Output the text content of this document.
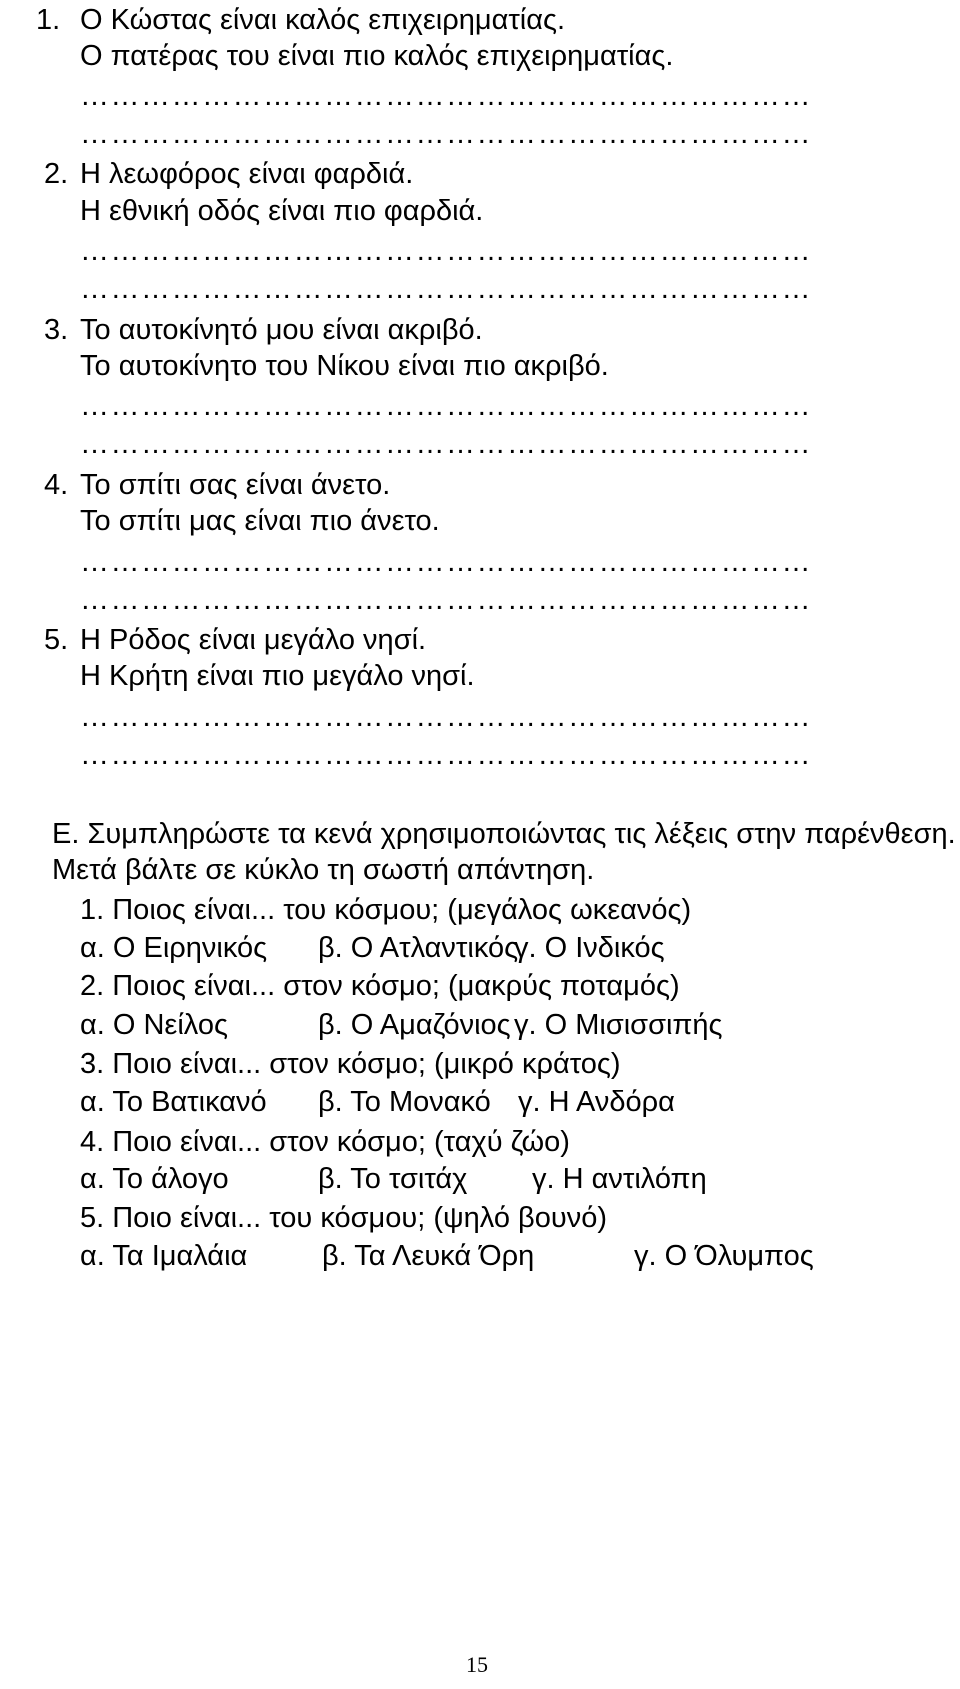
1. Ο Κώστας είναι καλός επιχειρηματίας.
Ο πατέρας του είναι πιο καλός επιχειρηματίας.
………………………………………………………………
………………………………………………………………
2. Η λεωφόρος είναι φαρδιά.
Η εθνική οδός είναι πιο φαρδιά.
………………………………………………………………
………………………………………………………………
3. Το αυτοκίνητό μου είναι ακριβό.
Το αυτοκίνητο του Νίκου είναι πιο ακριβό.
………………………………………………………………
………………………………………………………………
4. Το σπίτι σας είναι άνετο.
Το σπίτι μας είναι πιο άνετο.
………………………………………………………………
………………………………………………………………
5. Η Ρόδος είναι μεγάλο νησί.
Η Κρήτη είναι πιο μεγάλο νησί.
………………………………………………………………
………………………………………………………………
Ε. Συμπληρώστε τα κενά χρησιμοποιώντας τις λέξεις στην παρένθεση.
Μετά βάλτε σε κύκλο τη σωστή απάντηση.
1. Ποιος είναι... του κόσμου; (μεγάλος ωκεανός)
α. Ο Ειρηνικός β. Ο Ατλαντικός
γ. Ο Ινδικός
2. Ποιος είναι... στον κόσμο; (μακρύς ποταμός)
α. Ο Νείλος	β. Ο Αμαζόνιος γ. Ο Μισισσιπής
3. Ποιο είναι... στον κόσμο; (μικρό κράτος)
α. Το Βατικανό β. Το Μονακό γ. Η Ανδόρα
4. Ποιο είναι... στον κόσμο; (ταχύ ζώο)
α. Το άλογο	β. Το τσιτάχ γ. Η αντιλόπη
5. Ποιο είναι... του κόσμου; (ψηλό βουνό)
α. Τα Ιμαλάια	β. Τα Λευκά Όρη	γ. Ο Όλυμπος
15
